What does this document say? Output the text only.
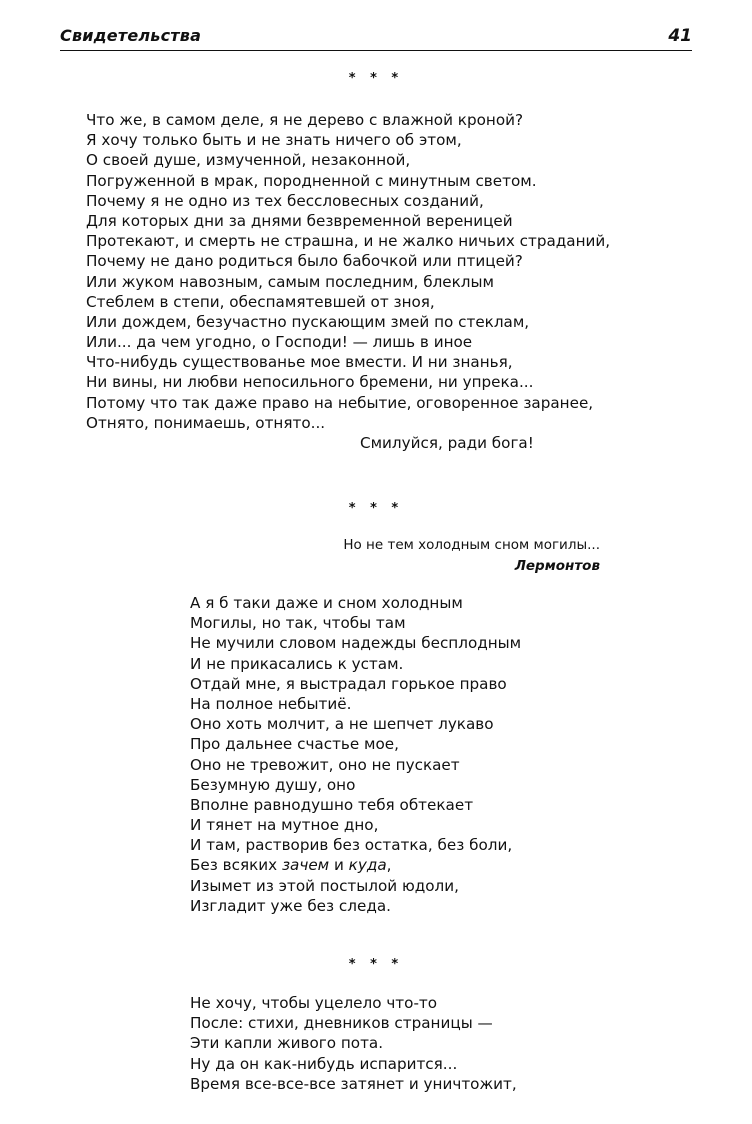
Свидетельства	41
* * *
Что же, в самом деле, я не дерево с влажной кроной?
Я хочу только быть и не знать ничего об этом,
О своей душе, измученной, незаконной,
Погруженной в мрак, породненной с минутным светом.
Почему я не одно из тех бессловесных созданий,
Для которых дни за днями безвременной вереницей
Протекают, и смерть не страшна, и не жалко ничьих страданий,
Почему не дано родиться было бабочкой или птицей?
Или жуком навозным, самым последним, блеклым
Стеблем в степи, обеспамятевшей от зноя,
Или дождем, безучастно пускающим змей по стеклам,
Или... да чем угодно, о Господи! — лишь в иное
Что-нибудь существованье мое вмести. И ни знанья,
Ни вины, ни любви непосильного бремени, ни упрека...
Потому что так даже право на небытие, оговоренное заранее,
Отнято, понимаешь, отнято...
Смилуйся, ради бога!
* * *
Но не тем холодным сном могилы...
Лермонтов
А я б таки даже и сном холодным
Могилы, но так, чтобы там
Не мучили словом надежды бесплодным
И не прикасались к устам.
Отдай мне, я выстрадал горькое право
На полное небытиё.
Оно хоть молчит, а не шепчет лукаво
Про дальнее счастье мое,
Оно не тревожит, оно не пускает
Безумную душу, оно
Вполне равнодушно тебя обтекает
И тянет на мутное дно,
И там, растворив без остатка, без боли,
Без всяких зачем и куда,
Изымет из этой постылой юдоли,
Изгладит уже без следа.
* * *
Не хочу, чтобы уцелело что-то
После: стихи, дневников страницы —
Эти капли живого пота.
Ну да он как-нибудь испарится...
Время все-все-все затянет и уничтожит,
